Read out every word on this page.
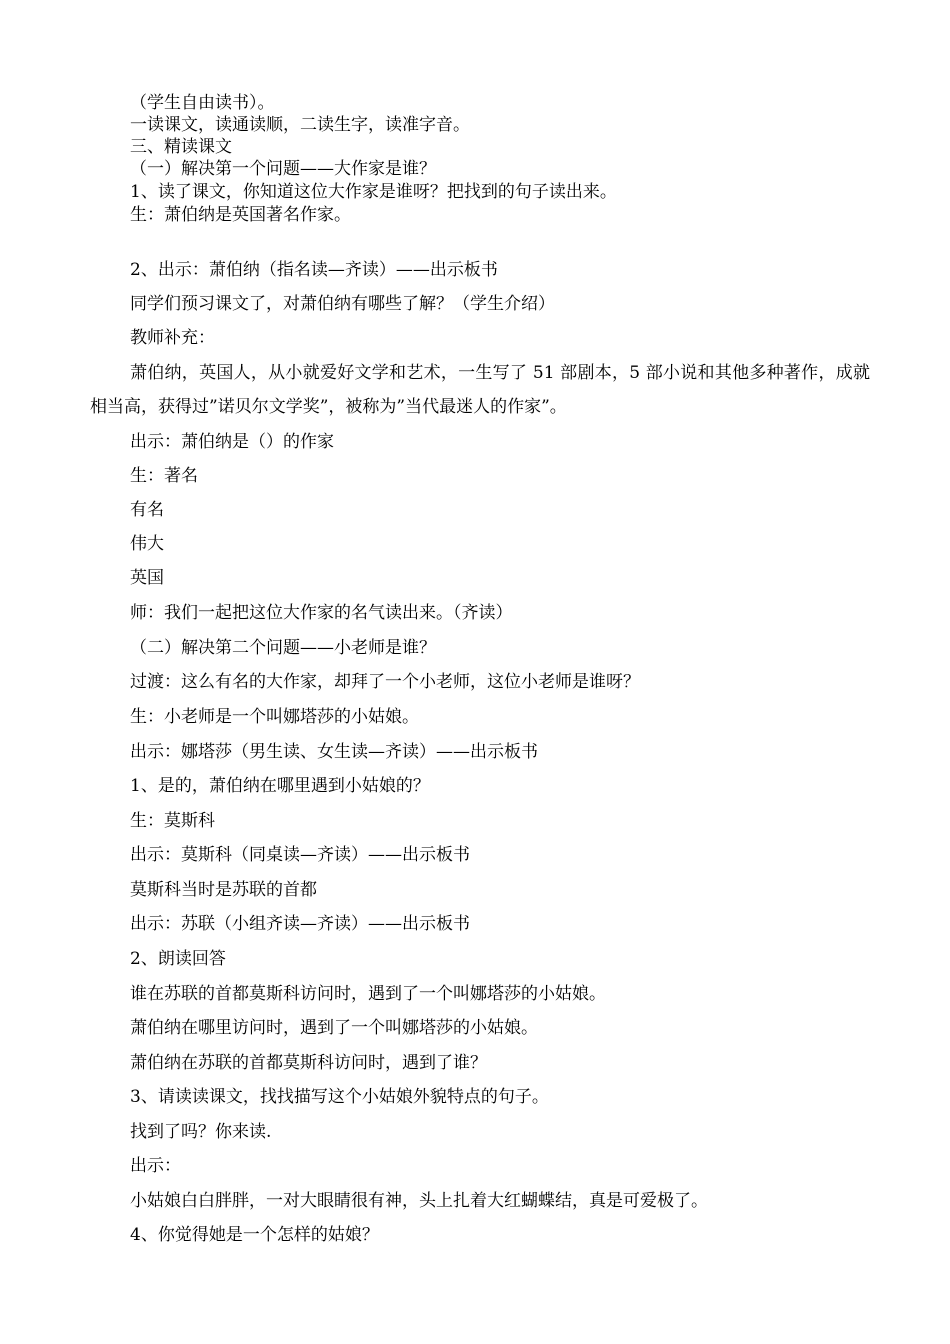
（学生自由读书）。
一读课文，读通读顺，二读生字，读准字音。
三、精读课文
（一）解决第一个问题——大作家是谁？
1、读了课文，你知道这位大作家是谁呀？把找到的句子读出来。
生：萧伯纳是英国著名作家。
2、出示：萧伯纳（指名读—齐读）——出示板书
同学们预习课文了，对萧伯纳有哪些了解？（学生介绍）
教师补充：
萧伯纳，英国人，从小就爱好文学和艺术，一生写了 51 部剧本，5 部小说和其他多种著作，成就相当高，获得过”诺贝尔文学奖”，被称为”当代最迷人的作家”。
出示：萧伯纳是（）的作家
生：著名
有名
伟大
英国
师：我们一起把这位大作家的名气读出来。（齐读）
（二）解决第二个问题——小老师是谁？
过渡：这么有名的大作家，却拜了一个小老师，这位小老师是谁呀？
生：小老师是一个叫娜塔莎的小姑娘。
出示：娜塔莎（男生读、女生读—齐读）——出示板书
1、是的，萧伯纳在哪里遇到小姑娘的？
生：莫斯科
出示：莫斯科（同桌读—齐读）——出示板书
莫斯科当时是苏联的首都
出示：苏联（小组齐读—齐读）——出示板书
2、朗读回答
谁在苏联的首都莫斯科访问时，遇到了一个叫娜塔莎的小姑娘。
萧伯纳在哪里访问时，遇到了一个叫娜塔莎的小姑娘。
萧伯纳在苏联的首都莫斯科访问时，遇到了谁？
3、请读读课文，找找描写这个小姑娘外貌特点的句子。
找到了吗？你来读.
出示：
小姑娘白白胖胖，一对大眼睛很有神，头上扎着大红蝴蝶结，真是可爱极了。
4、你觉得她是一个怎样的姑娘？
